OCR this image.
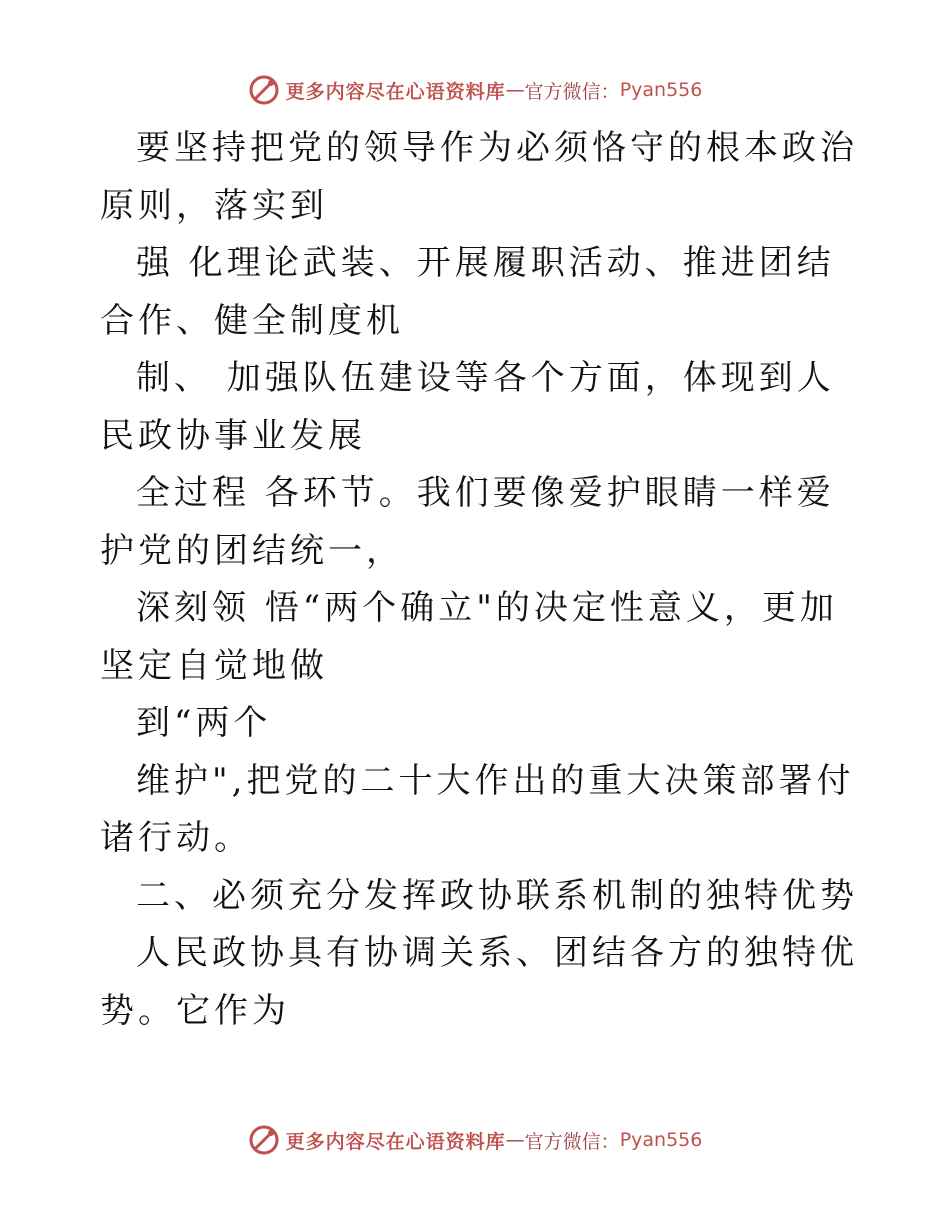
更多内容尽在心语资料库 — 官方微信： Pyan556

要坚持把党的领导作为必须恪守的根本政治原则，落实到

强 化理论武装、开展履职活动、推进团结合作、健全制度机

制、 加强队伍建设等各个方面，体现到人民政协事业发展

全过程 各环节。我们要像爱护眼睛一样爱护党的团结统一，

深刻领 悟“两个确立"的决定性意义，更加坚定自觉地做

到“两个

维护",把党的二十大作出的重大决策部署付诸行动。

二、必须充分发挥政协联系机制的独特优势

人民政协具有协调关系、团结各方的独特优势。它作为

更多内容尽在心语资料库 — 官方微信： Pyan556
